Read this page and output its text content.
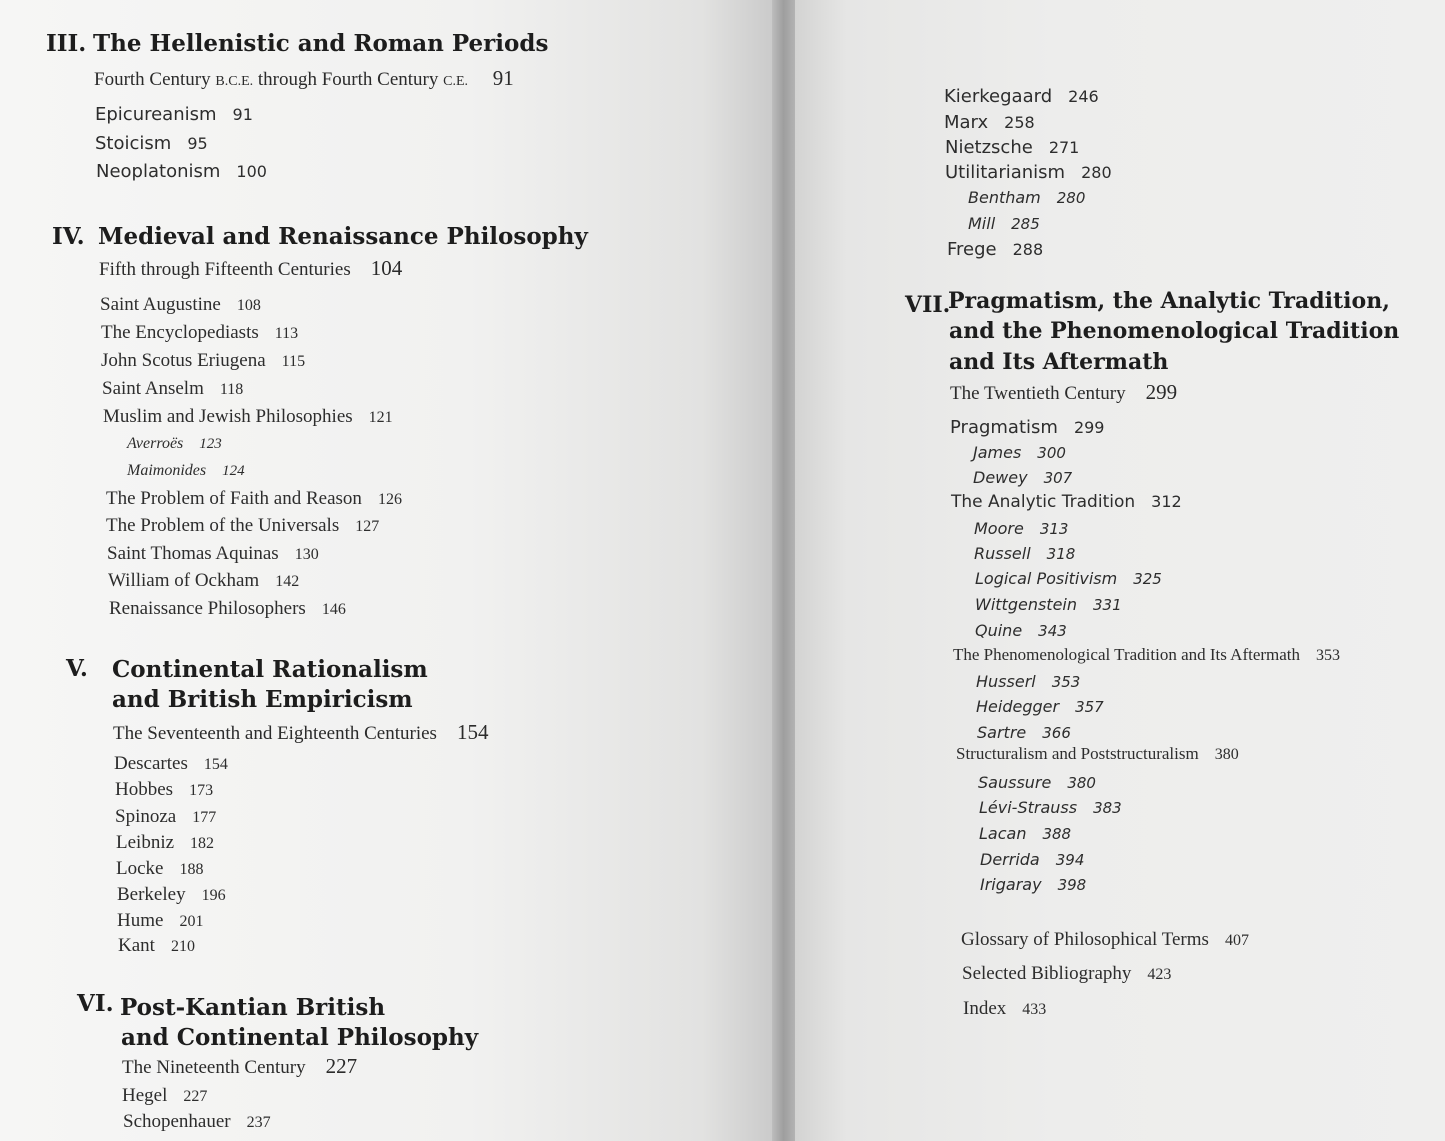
III. The Hellenistic and Roman Periods
Fourth Century B.C.E. through Fourth Century C.E. 91
Epicureanism 91
Stoicism 95
Neoplatonism 100
IV. Medieval and Renaissance Philosophy
Fifth through Fifteenth Centuries 104
Saint Augustine 108
The Encyclopediasts 113
John Scotus Eriugena 115
Saint Anselm 118
Muslim and Jewish Philosophies 121
Averroës 123
Maimonides 124
The Problem of Faith and Reason 126
The Problem of the Universals 127
Saint Thomas Aquinas 130
William of Ockham 142
Renaissance Philosophers 146
V. Continental Rationalism
and British Empiricism
The Seventeenth and Eighteenth Centuries 154
Descartes 154
Hobbes 173
Spinoza 177
Leibniz 182
Locke 188
Berkeley 196
Hume 201
Kant 210
VI. Post-Kantian British
and Continental Philosophy
The Nineteenth Century 227
Hegel 227
Schopenhauer 237
Kierkegaard 246
Marx 258
Nietzsche 271
Utilitarianism 280
Bentham 280
Mill 285
Frege 288
VII.
Pragmatism, the Analytic Tradition,
and the Phenomenological Tradition
and Its Aftermath
The Twentieth Century 299
Pragmatism 299
James 300
Dewey 307
The Analytic Tradition 312
Moore 313
Russell 318
Logical Positivism 325
Wittgenstein 331
Quine 343
The Phenomenological Tradition and Its Aftermath 353
Husserl 353
Heidegger 357
Sartre 366
Structuralism and Poststructuralism 380
Saussure 380
Lévi-Strauss 383
Lacan 388
Derrida 394
Irigaray 398
Glossary of Philosophical Terms 407
Selected Bibliography 423
Index 433
